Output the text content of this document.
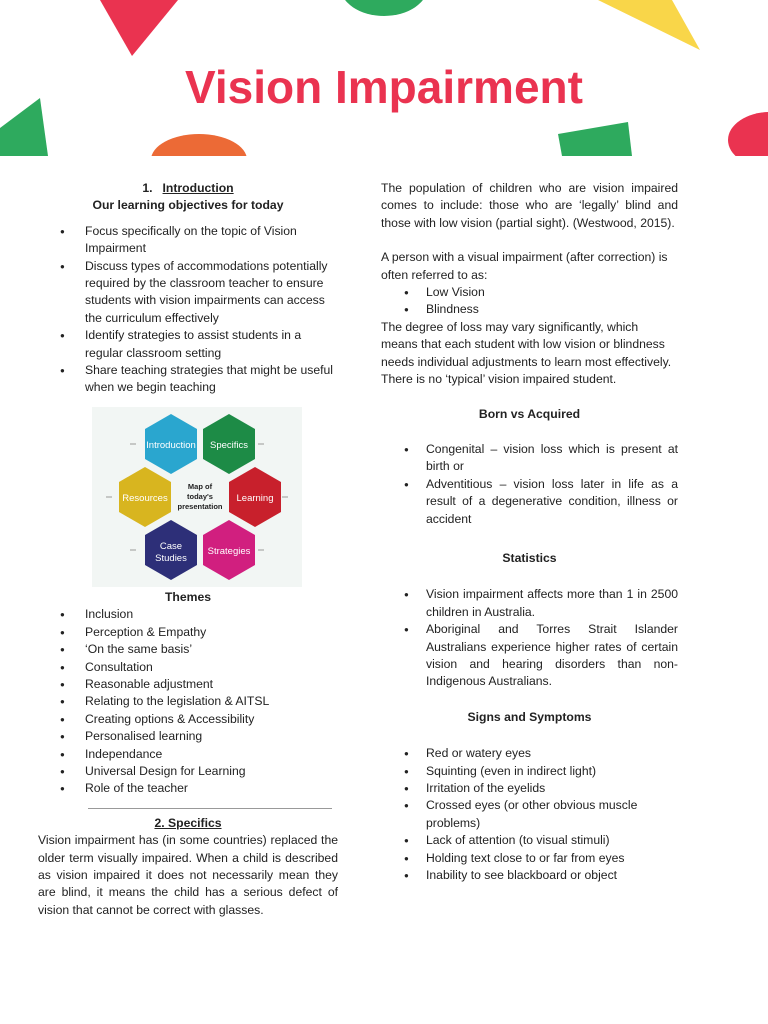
Vision Impairment

1. Introduction

Our learning objectives for today

● Focus specifically on the topic of Vision Impairment
● Discuss types of accommodations potentially required by the classroom teacher to ensure students with vision impairments can access the curriculum effectively
● Identify strategies to assist students in a regular classroom setting
● Share teaching strategies that might be useful when we begin teaching
Introduction Specifics
Resources	Learning
Case
Studies
Strategies
Map of
today's
presentation

Themes

● Inclusion
● Perception & Empathy
● ‘On the same basis’
● Consultation
● Reasonable adjustment
● Relating to the legislation & AITSL
● Creating options & Accessibility
● Personalised learning
● Independance
● Universal Design for Learning
● Role of the teacher

2. Specifics

Vision impairment has (in some countries) replaced the older term visually impaired. When a child is described as vision impaired it does not necessarily mean they are blind, it means the child has a serious defect of vision that cannot be correct with glasses.

The population of children who are vision impaired comes to include: those who are ‘legally’ blind and those with low vision (partial sight). (Westwood, 2015).

A person with a visual impairment (after correction) is often referred to as:

● Low Vision
● Blindness

The degree of loss may vary significantly, which means that each student with low vision or blindness needs individual adjustments to learn most effectively. There is no ‘typical’ vision impaired student.

Born vs Acquired

● Congenital – vision loss which is present at birth or
● Adventitious – vision loss later in life as a result of a degenerative condition, illness or accident

Statistics

● Vision impairment affects more than 1 in 2500 children in Australia.
● Aboriginal and Torres Strait Islander Australians experience higher rates of certain vision and hearing disorders than non-Indigenous Australians.

Signs and Symptoms

● Red or watery eyes
● Squinting (even in indirect light)
● Irritation of the eyelids
● Crossed eyes (or other obvious muscle problems)
● Lack of attention (to visual stimuli)
● Holding text close to or far from eyes
● Inability to see blackboard or object
